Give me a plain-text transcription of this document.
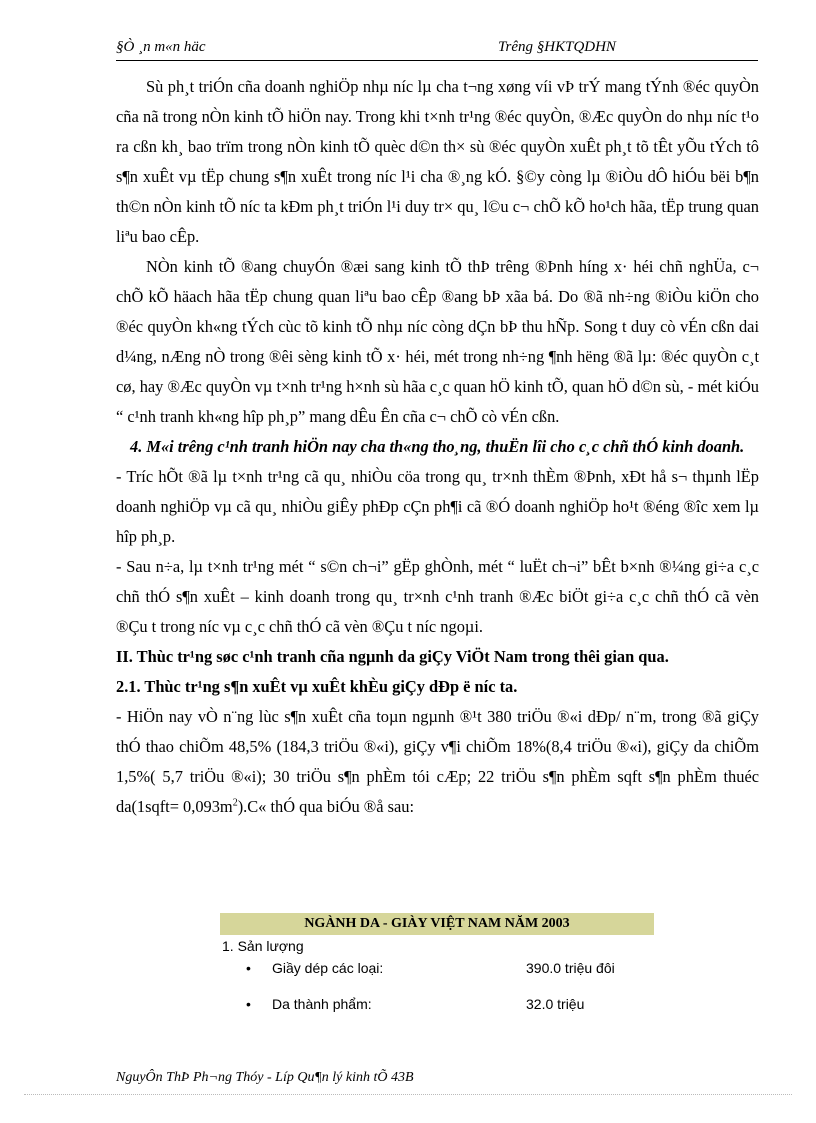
§Ò ¸n m«n häc	Trêng §HKTQDHN

Sù ph¸t triÓn cña doanh nghiÖp nhµ níc lµ cha t¬ng xøng víi vÞ trÝ mang tÝnh ®éc quyÒn cña nã trong nÒn kinh tÕ hiÖn nay. Trong khi t×nh tr¹ng ®éc quyÒn, ®Æc quyÒn do nhµ níc t¹o ra cßn kh¸ bao trïm trong nÒn kinh tÕ quèc d©n th× sù ®éc quyÒn xuÊt ph¸t tõ tÊt yÕu tÝch tô s¶n xuÊt vµ tËp chung s¶n xuÊt trong níc l¹i cha ®¸ng kÓ. §©y còng lµ ®iÒu dÔ hiÓu bëi b¶n th©n nÒn kinh tÕ níc ta kÐm ph¸t triÓn l¹i duy tr× qu¸ l©u c¬ chÕ kÕ ho¹ch hãa, tËp trung quan liªu bao cÊp.

NÒn kinh tÕ ®ang chuyÓn ®æi sang kinh tÕ thÞ trêng ®Þnh híng x· héi chñ nghÜa, c¬ chÕ kÕ häach hãa tËp chung quan liªu bao cÊp ®ang bÞ xãa bá. Do ®ã nh÷ng ®iÒu kiÖn cho ®éc quyÒn kh«ng tÝch cùc tõ kinh tÕ nhµ níc còng dÇn bÞ thu hÑp. Song t duy cò vÉn cßn dai d¼ng, nÆng nÒ trong ®êi sèng kinh tÕ x· héi, mét trong nh÷ng ¶nh hëng ®ã lµ: ®éc quyÒn c¸t cø, hay ®Æc quyÒn vµ t×nh tr¹ng h×nh sù hãa c¸c quan hÖ kinh tÕ, quan hÖ d©n sù, - mét kiÓu “ c¹nh tranh kh«ng hîp ph¸p” mang dÊu Ên cña c¬ chÕ cò vÉn cßn.

4. M«i trêng c¹nh tranh hiÖn nay cha th«ng tho¸ng, thuËn lîi cho c¸c chñ thÓ kinh doanh.

- Tríc hÕt ®ã lµ t×nh tr¹ng cã qu¸ nhiÒu cöa trong qu¸ tr×nh thÈm ®Þnh, xÐt hå s¬ thµnh lËp doanh nghiÖp vµ cã qu¸ nhiÒu giÊy phÐp cÇn ph¶i cã ®Ó doanh nghiÖp ho¹t ®éng ®îc xem lµ hîp ph¸p.

- Sau n÷a, lµ t×nh tr¹ng mét “ s©n ch¬i” gËp ghÒnh, mét “ luËt ch¬i” bÊt b×nh ®¼ng gi÷a c¸c chñ thÓ s¶n xuÊt – kinh doanh trong qu¸ tr×nh c¹nh tranh ®Æc biÖt gi÷a c¸c chñ thÓ cã vèn ®Çu t trong níc vµ c¸c chñ thÓ cã vèn ®Çu t níc ngoµi.

II. Thùc tr¹ng søc c¹nh tranh cña ngµnh da giÇy ViÖt Nam trong thêi gian qua.

2.1. Thùc tr¹ng s¶n xuÊt vµ xuÊt khÈu giÇy dÐp ë níc ta.

- HiÖn nay vÒ n¨ng lùc s¶n xuÊt cña toµn ngµnh ®¹t 380 triÖu ®«i dÐp/ n¨m, trong ®ã giÇy thÓ thao chiÕm 48,5% (184,3 triÖu ®«i), giÇy v¶i chiÕm 18%(8,4 triÖu ®«i), giÇy da chiÕm 1,5%( 5,7 triÖu ®«i); 30 triÖu s¶n phÈm tói cÆp; 22 triÖu s¶n phÈm sqft s¶n phÈm thuéc da(1sqft= $0,093m^2).C«$ thÓ qua biÓu ®å sau:

NGÀNH DA - GIÀY VIỆT NAM NĂM 2003
1. Sản lượng
• Giầy dép các loại:	390.0 triệu đôi
• Da thành phẩm:	32.0 triệu
NguyÔn ThÞ Ph¬ng Thóy - Líp Qu¶n lý kinh tÕ 43B
